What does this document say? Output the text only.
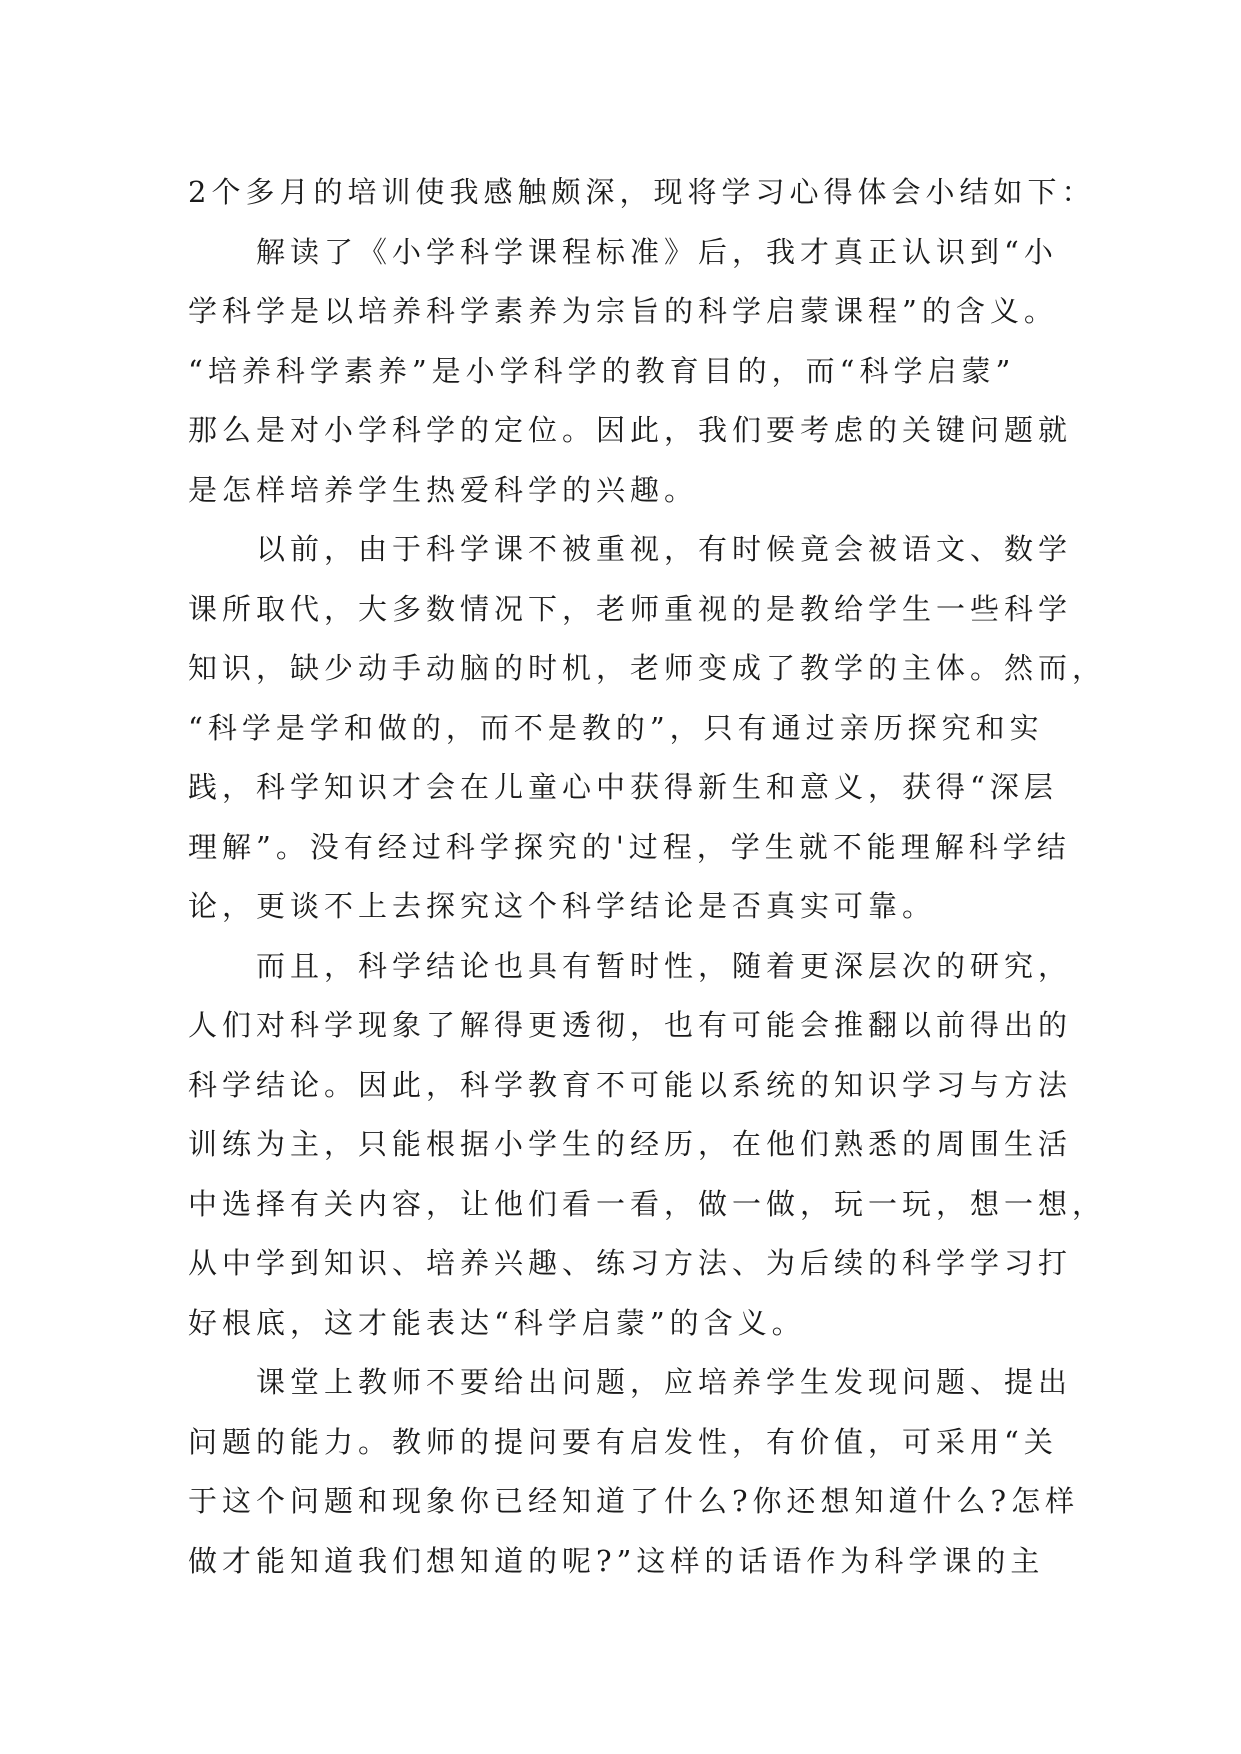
2个多月的培训使我感触颇深，现将学习心得体会小结如下：
解读了《小学科学课程标准》后，我才真正认识到“小
学科学是以培养科学素养为宗旨的科学启蒙课程”的含义。
“培养科学素养”是小学科学的教育目的，而“科学启蒙”
那么是对小学科学的定位。因此，我们要考虑的关键问题就
是怎样培养学生热爱科学的兴趣。
以前，由于科学课不被重视，有时候竟会被语文、数学
课所取代，大多数情况下，老师重视的是教给学生一些科学
知识，缺少动手动脑的时机，老师变成了教学的主体。然而，
“科学是学和做的，而不是教的”，只有通过亲历探究和实
践，科学知识才会在儿童心中获得新生和意义，获得“深层
理解”。没有经过科学探究的'过程，学生就不能理解科学结
论，更谈不上去探究这个科学结论是否真实可靠。
而且，科学结论也具有暂时性，随着更深层次的研究，
人们对科学现象了解得更透彻，也有可能会推翻以前得出的
科学结论。因此，科学教育不可能以系统的知识学习与方法
训练为主，只能根据小学生的经历，在他们熟悉的周围生活
中选择有关内容，让他们看一看，做一做，玩一玩，想一想，
从中学到知识、培养兴趣、练习方法、为后续的科学学习打
好根底，这才能表达“科学启蒙”的含义。
课堂上教师不要给出问题，应培养学生发现问题、提出
问题的能力。教师的提问要有启发性，有价值，可采用“关
于这个问题和现象你已经知道了什么?你还想知道什么?怎样
做才能知道我们想知道的呢?”这样的话语作为科学课的主
